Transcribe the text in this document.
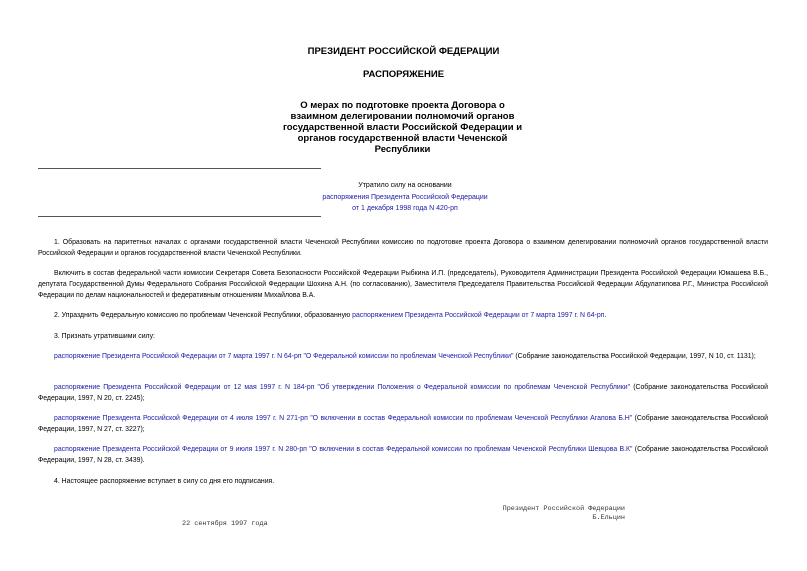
ПРЕЗИДЕНТ РОССИЙСКОЙ ФЕДЕРАЦИИ
РАСПОРЯЖЕНИЕ
О мерах по подготовке проекта Договора о взаимном делегировании полномочий органов государственной власти Российской Федерации и органов государственной власти Чеченской Республики
Утратило силу на основании
распоряжения Президента Российской Федерации
от 1 декабря 1998 года N 420-рп
1. Образовать на паритетных началах с органами государственной власти Чеченской Республики комиссию по подготовке проекта Договора о взаимном делегировании полномочий органов государственной власти Российской Федерации и органов государственной власти Чеченской Республики.
Включить в состав федеральной части комиссии Секретаря Совета Безопасности Российской Федерации Рыбкина И.П. (председатель), Руководителя Администрации Президента Российской Федерации Юмашева В.Б., депутата Государственной Думы Федерального Собрания Российской Федерации Шохина А.Н. (по согласованию), Заместителя Председателя Правительства Российской Федерации Абдулатипова Р.Г., Министра Российской Федерации по делам национальностей и федеративным отношениям Михайлова В.А.
2. Упразднить Федеральную комиссию по проблемам Чеченской Республики, образованную распоряжением Президента Российской Федерации от 7 марта 1997 г. N 64-рп.
3. Признать утратившими силу:
распоряжение Президента Российской Федерации от 7 марта 1997 г. N 64-рп "О Федеральной комиссии по проблемам Чеченской Республики" (Собрание законодательства Российской Федерации, 1997, N 10, ст. 1131);
распоряжение Президента Российской Федерации от 12 мая 1997 г. N 184-рп "Об утверждении Положения о Федеральной комиссии по проблемам Чеченской Республики" (Собрание законодательства Российской Федерации, 1997, N 20, ст. 2245);
распоряжение Президента Российской Федерации от 4 июля 1997 г. N 271-рп "О включении в состав Федеральной комиссии по проблемам Чеченской Республики Агапова Б.Н" (Собрание законодательства Российской Федерации, 1997, N 27, ст. 3227);
распоряжение Президента Российской Федерации от 9 июля 1997 г. N 280-рп "О включении в состав Федеральной комиссии по проблемам Чеченской Республики Шевцова В.К" (Собрание законодательства Российской Федерации, 1997, N 28, ст. 3439).
4. Настоящее распоряжение вступает в силу со дня его подписания.
Президент Российской Федерации
Б.Ельцин
22 сентября 1997 года
